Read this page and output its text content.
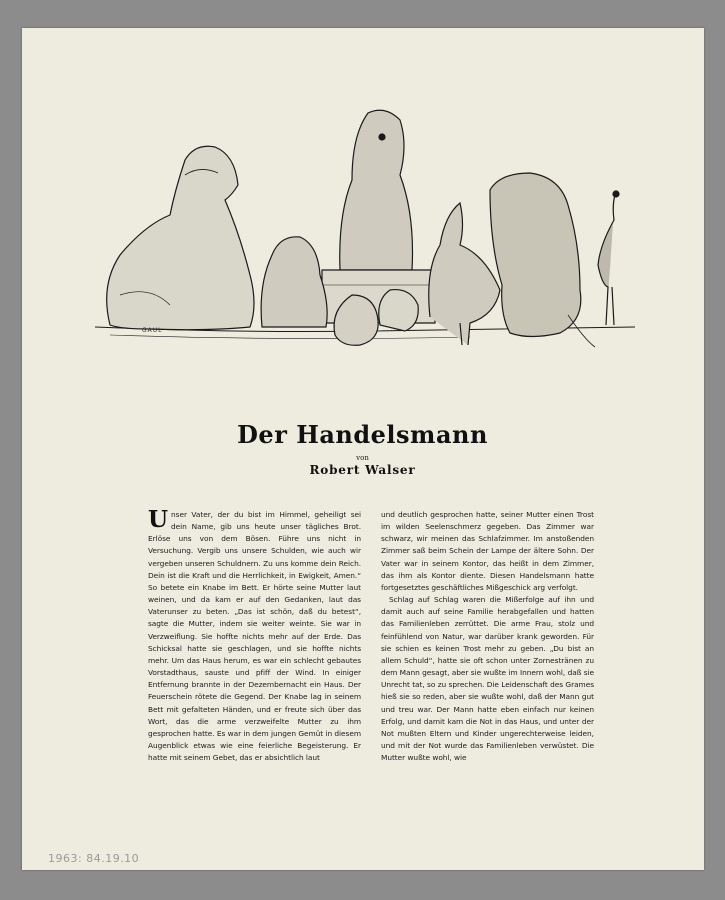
GAUL
Der Handelsmann
von
Robert Walser

Unser Vater, der du bist im Himmel, geheiligt sei dein Name, gib uns heute unser tägliches Brot. Erlöse uns von dem Bösen. Führe uns nicht in Versuchung. Vergib uns unsere Schulden, wie auch wir vergeben unseren Schuldnern. Zu uns komme dein Reich. Dein ist die Kraft und die Herrlichkeit, in Ewigkeit, Amen.“ So betete ein Knabe im Bett. Er hörte seine Mutter laut weinen, und da kam er auf den Gedanken, laut das Vaterunser zu beten. „Das ist schön, daß du betest“, sagte die Mutter, indem sie weiter weinte. Sie war in Verzweiflung. Sie hoffte nichts mehr auf der Erde. Das Schicksal hatte sie geschlagen, und sie hoffte nichts mehr. Um das Haus herum, es war ein schlecht gebautes Vorstadthaus, sauste und pfiff der Wind. In einiger Entfernung brannte in der Dezembernacht ein Haus. Der Feuerschein rötete die Gegend. Der Knabe lag in seinem Bett mit gefalteten Händen, und er freute sich über das Wort, das die arme verzweifelte Mutter zu ihm gesprochen hatte. Es war in dem jungen Gemüt in diesem Augenblick etwas wie eine feierliche Begeisterung. Er hatte mit seinem Gebet, das er absichtlich laut

und deutlich gesprochen hatte, seiner Mutter einen Trost im wilden Seelenschmerz gegeben. Das Zimmer war schwarz, wir meinen das Schlafzimmer. Im anstoßenden Zimmer saß beim Schein der Lampe der ältere Sohn. Der Vater war in seinem Kontor, das heißt in dem Zimmer, das ihm als Kontor diente. Diesen Handelsmann hatte fortgesetztes geschäftliches Mißgeschick arg verfolgt.

Schlag auf Schlag waren die Mißerfolge auf ihn und damit auch auf seine Familie herabgefallen und hatten das Familienleben zerrüttet. Die arme Frau, stolz und feinfühlend von Natur, war darüber krank geworden. Für sie schien es keinen Trost mehr zu geben. „Du bist an allem Schuld“, hatte sie oft schon unter Zornestränen zu dem Mann gesagt, aber sie wußte im Innern wohl, daß sie Unrecht tat, so zu sprechen. Die Leidenschaft des Grames hieß sie so reden, aber sie wußte wohl, daß der Mann gut und treu war. Der Mann hatte eben einfach nur keinen Erfolg, und damit kam die Not in das Haus, und unter der Not mußten Eltern und Kinder ungerechterweise leiden, und mit der Not wurde das Familienleben verwüstet. Die Mutter wußte wohl, wie

1963: 84.19.10
